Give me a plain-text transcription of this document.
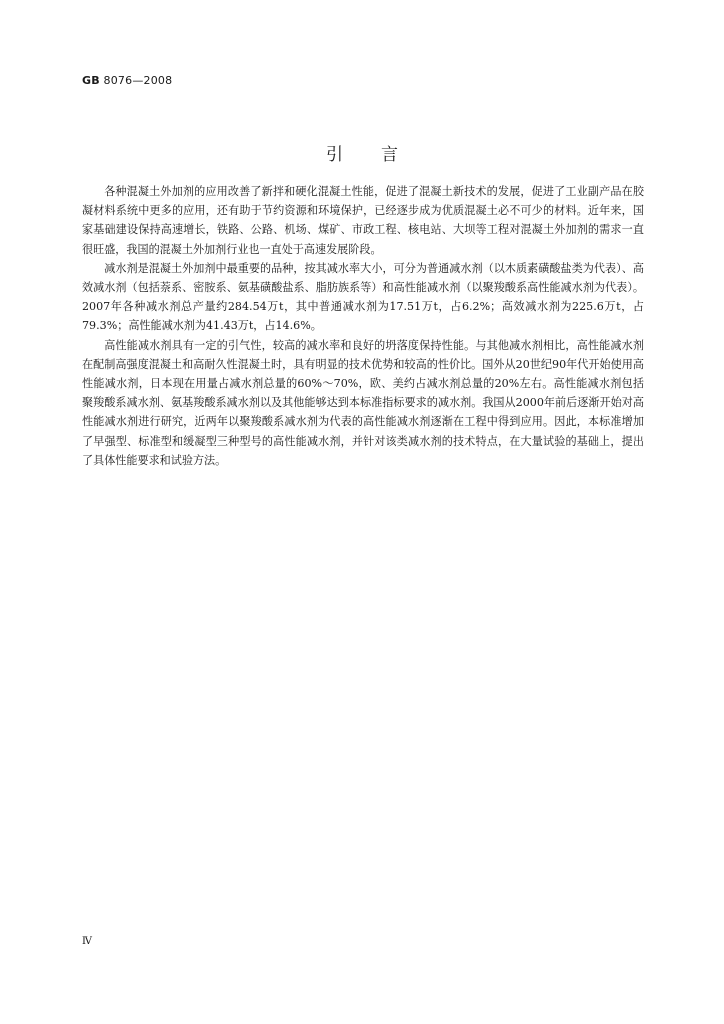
GB 8076—2008
引言

各种混凝土外加剂的应用改善了新拌和硬化混凝土性能，促进了混凝土新技术的发展，促进了工业副产品在胶凝材料系统中更多的应用，还有助于节约资源和环境保护，已经逐步成为优质混凝土必不可少的材料。近年来，国家基础建设保持高速增长，铁路、公路、机场、煤矿、市政工程、核电站、大坝等工程对混凝土外加剂的需求一直很旺盛，我国的混凝土外加剂行业也一直处于高速发展阶段。

减水剂是混凝土外加剂中最重要的品种，按其减水率大小，可分为普通减水剂（以木质素磺酸盐类为代表）、高效减水剂（包括萘系、密胺系、氨基磺酸盐系、脂肪族系等）和高性能减水剂（以聚羧酸系高性能减水剂为代表）。2007年各种减水剂总产量约284.54万t，其中普通减水剂为17.51万t，占6.2%；高效减水剂为225.6万t，占79.3%；高性能减水剂为41.43万t，占14.6%。

高性能减水剂具有一定的引气性，较高的减水率和良好的坍落度保持性能。与其他减水剂相比，高性能减水剂在配制高强度混凝土和高耐久性混凝土时，具有明显的技术优势和较高的性价比。国外从20世纪90年代开始使用高性能减水剂，日本现在用量占减水剂总量的60%～70%，欧、美约占减水剂总量的20%左右。高性能减水剂包括聚羧酸系减水剂、氨基羧酸系减水剂以及其他能够达到本标准指标要求的减水剂。我国从2000年前后逐渐开始对高性能减水剂进行研究，近两年以聚羧酸系减水剂为代表的高性能减水剂逐渐在工程中得到应用。因此，本标准增加了早强型、标准型和缓凝型三种型号的高性能减水剂，并针对该类减水剂的技术特点，在大量试验的基础上，提出了具体性能要求和试验方法。

Ⅳ
